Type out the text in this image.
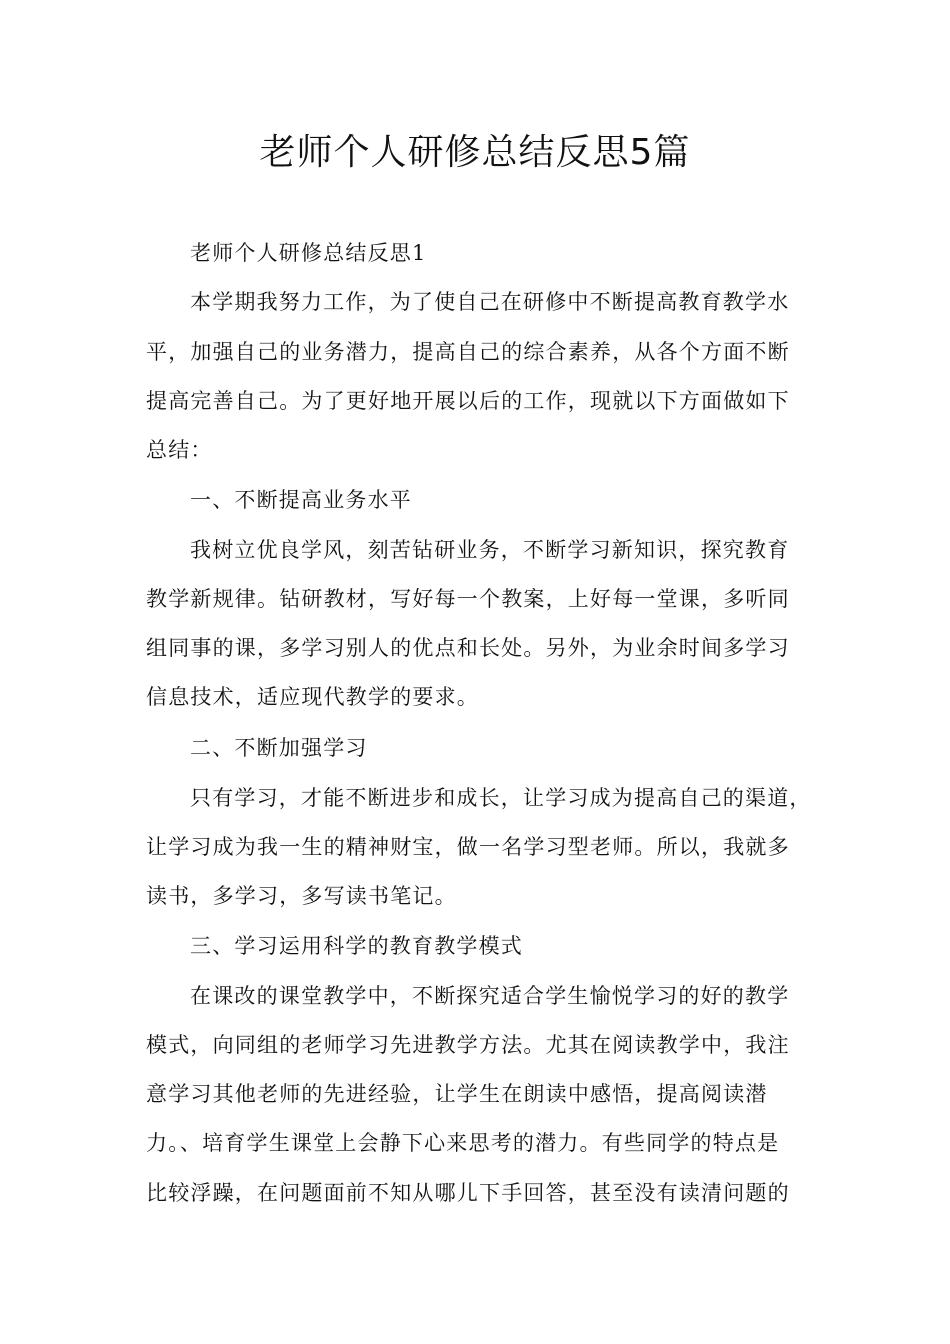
老师个人研修总结反思5篇
老师个人研修总结反思1
本学期我努力工作，为了使自己在研修中不断提高教育教学水
平，加强自己的业务潜力，提高自己的综合素养，从各个方面不断
提高完善自己。为了更好地开展以后的工作，现就以下方面做如下
总结：
一、不断提高业务水平
我树立优良学风，刻苦钻研业务，不断学习新知识，探究教育
教学新规律。钻研教材，写好每一个教案，上好每一堂课，多听同
组同事的课，多学习别人的优点和长处。另外，为业余时间多学习
信息技术，适应现代教学的要求。
二、不断加强学习
只有学习，才能不断进步和成长，让学习成为提高自己的渠道，
让学习成为我一生的精神财宝，做一名学习型老师。所以，我就多
读书，多学习，多写读书笔记。
三、学习运用科学的教育教学模式
在课改的课堂教学中，不断探究适合学生愉悦学习的好的教学
模式，向同组的老师学习先进教学方法。尤其在阅读教学中，我注
意学习其他老师的先进经验，让学生在朗读中感悟，提高阅读潜
力。、培育学生课堂上会静下心来思考的潜力。有些同学的特点是
比较浮躁，在问题面前不知从哪儿下手回答，甚至没有读清问题的
